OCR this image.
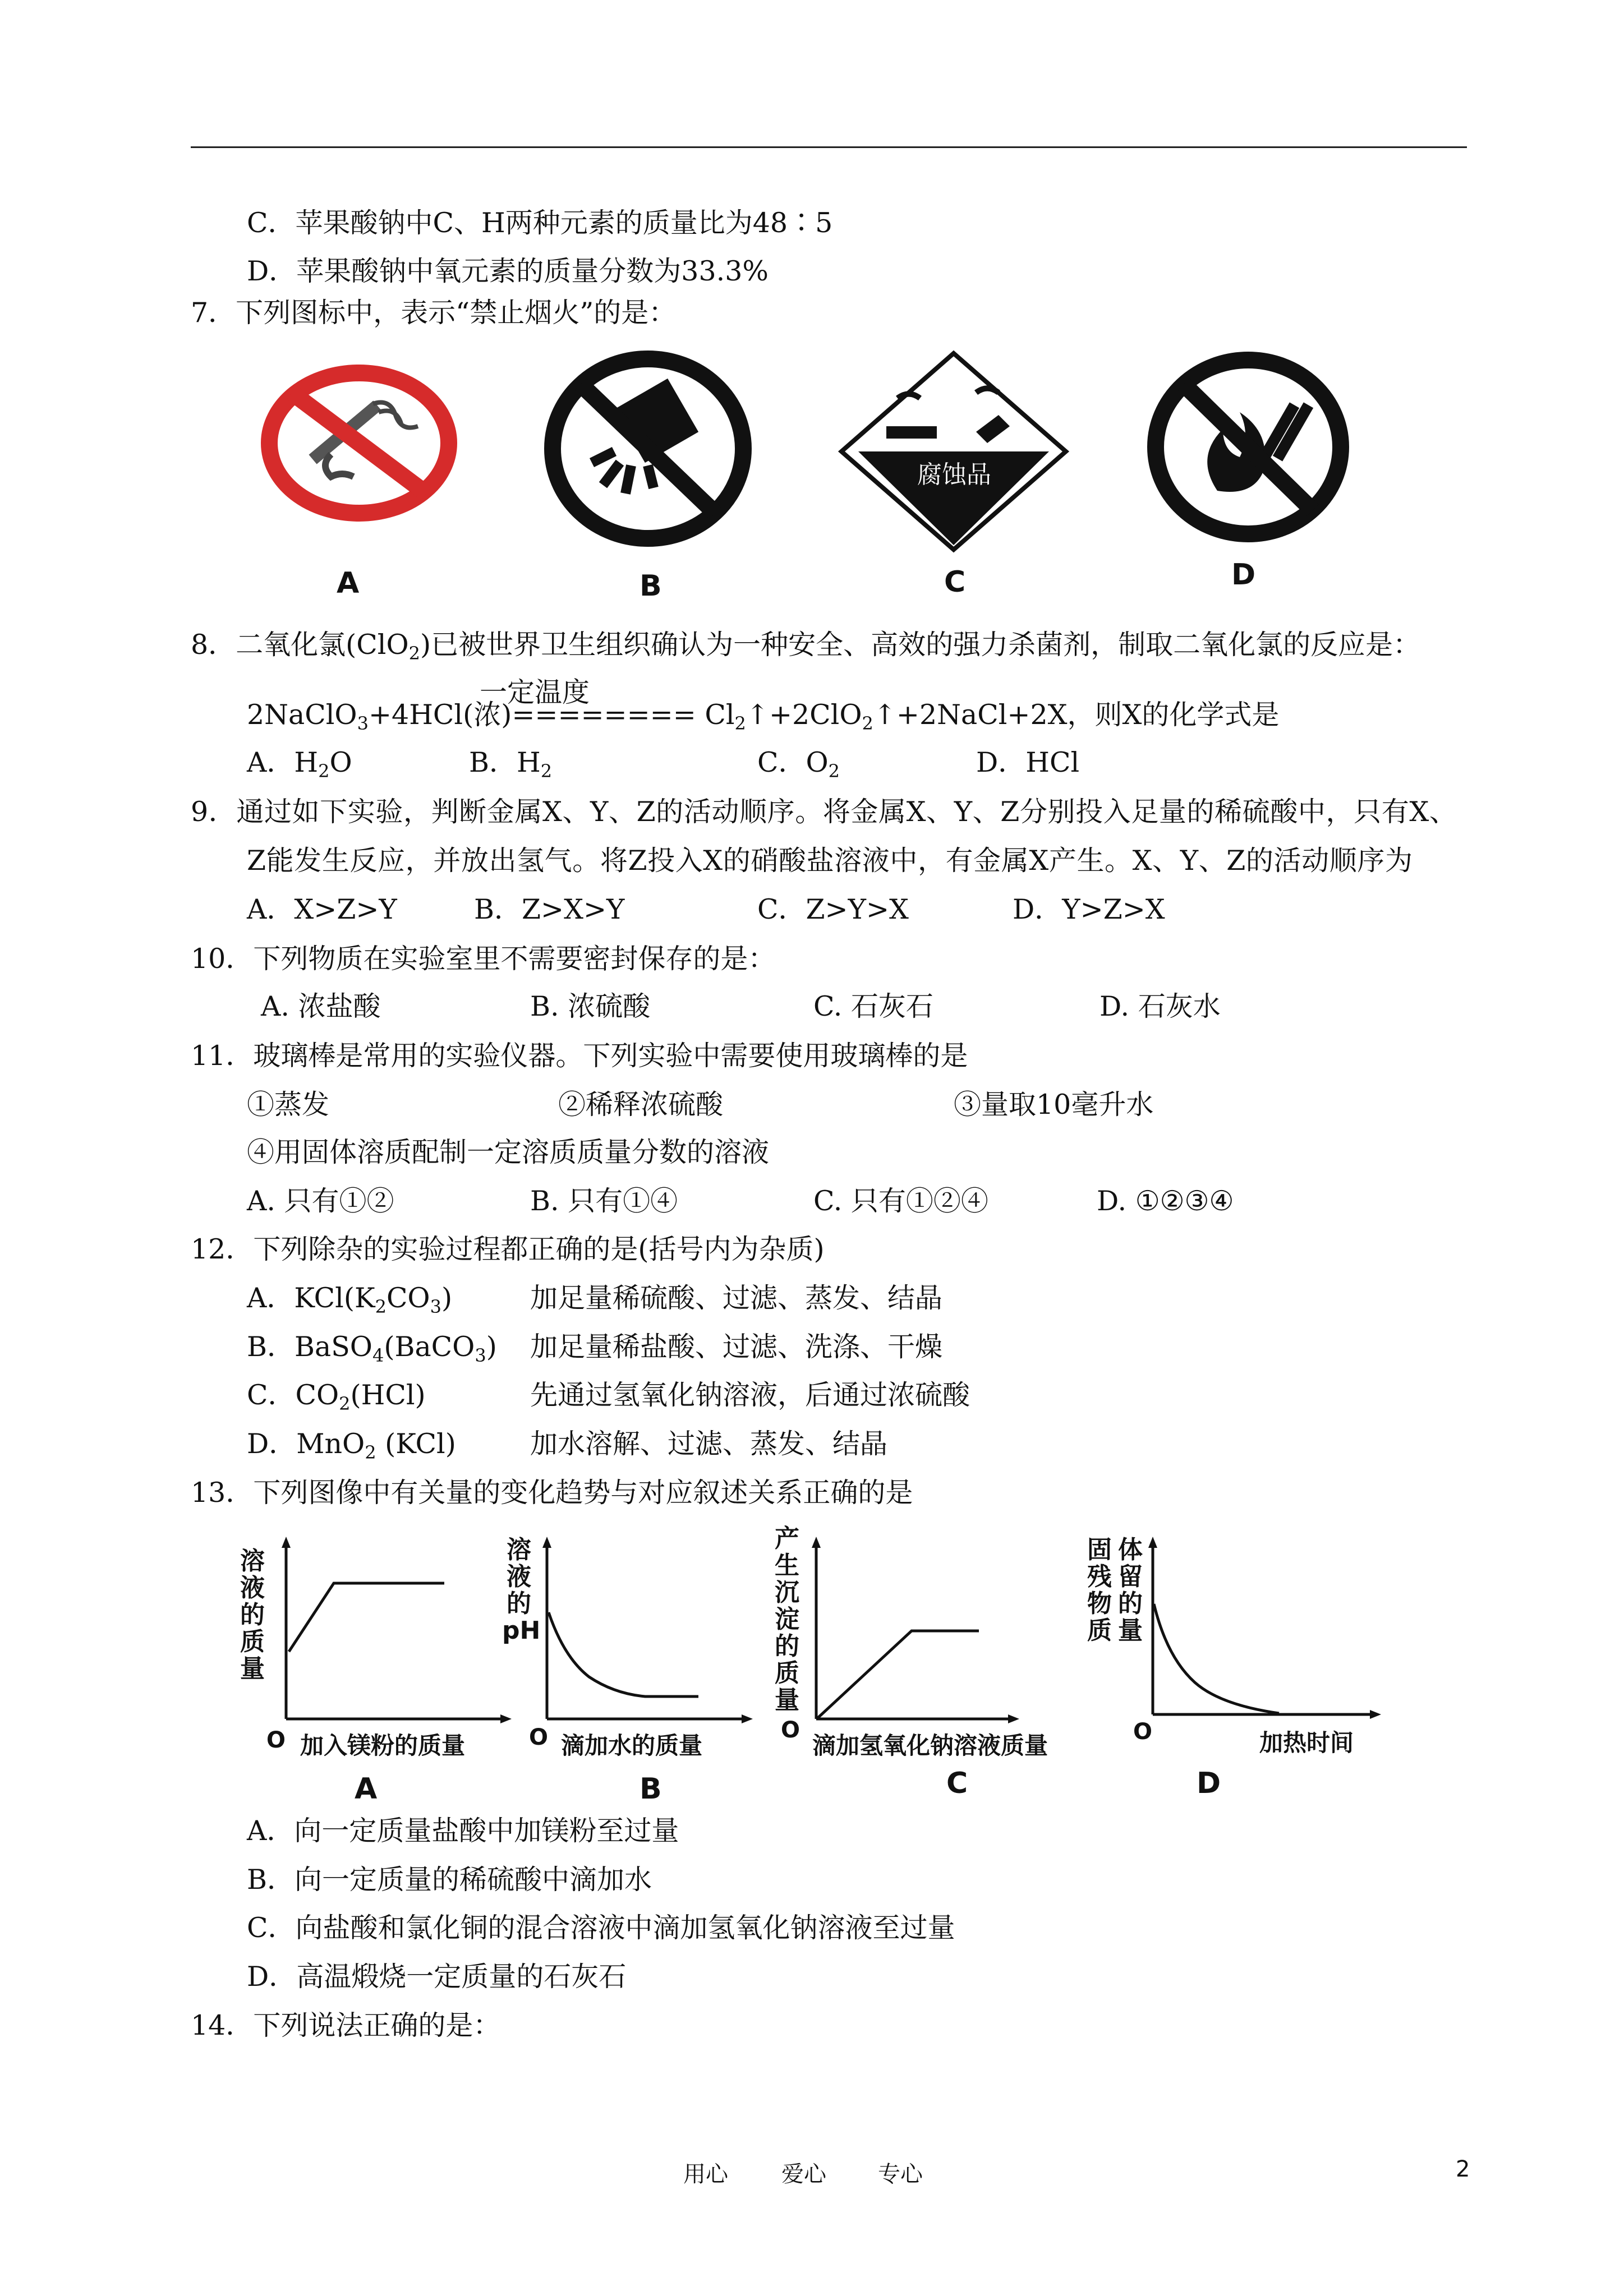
C．苹果酸钠中C、H两种元素的质量比为48∶5
D．苹果酸钠中氧元素的质量分数为33.3%
7．下列图标中，表示“禁止烟火”的是：
腐蚀品
A	B	C	D
8．二氧化氯(ClO$_2$)已被世界卫生组织确认为一种安全、高效的强力杀菌剂，制取二氧化氯的反应是：
一定温度
2NaClO$_3$+4HCl(浓)======== $Cl_2↑+2ClO_2↑+2NaCl+2X$，则X的化学式是
A．$H_2O$	B．$H_2$	C．$O_2$	D．HCl
9．通过如下实验，判断金属X、Y、Z的活动顺序。将金属X、Y、Z分别投入足量的稀硫酸中，只有X、
Z能发生反应，并放出氢气。将Z投入X的硝酸盐溶液中，有金属X产生。X、Y、Z的活动顺序为
A．X>Z>Y	B．Z>X>Y	C．Z>Y>X	D．Y>Z>X
10．下列物质在实验室里不需要密封保存的是：
A. 浓盐酸	B. 浓硫酸	C. 石灰石	D. 石灰水
11．玻璃棒是常用的实验仪器。下列实验中需要使用玻璃棒的是
①蒸发	②稀释浓硫酸	③量取10毫升水
④用固体溶质配制一定溶质质量分数的溶液
A. 只有①②	B. 只有①④	C. 只有①②④	D. ①②③④
12．下列除杂的实验过程都正确的是(括号内为杂质)
A．$KCl(K_2CO_3)$	加足量稀硫酸、过滤、蒸发、结晶
B．BaSO$_4$(BaCO$_3$) 加足量稀盐酸、过滤、洗涤、干燥
C．$CO_2(HCl)$	先通过氢氧化钠溶液，后通过浓硫酸
D．MnO$_2$ (KCl)	加水溶解、过滤、蒸发、结晶
13．下列图像中有关量的变化趋势与对应叙述关系正确的是
溶
液
的
质
量
O 加入镁粉的质量
A
溶
液
的
pH
O 滴加水的质量
B
产
生
沉
淀
的
质
量
O
滴加氢氧化钠溶液质量
C
固
残
物
质
体
留
的
量
O	加热时间
D
A．向一定质量盐酸中加镁粉至过量
B．向一定质量的稀硫酸中滴加水
C．向盐酸和氯化铜的混合溶液中滴加氢氧化钠溶液至过量
D．高温煅烧一定质量的石灰石
14．下列说法正确的是：
用心 爱心 专心	2
